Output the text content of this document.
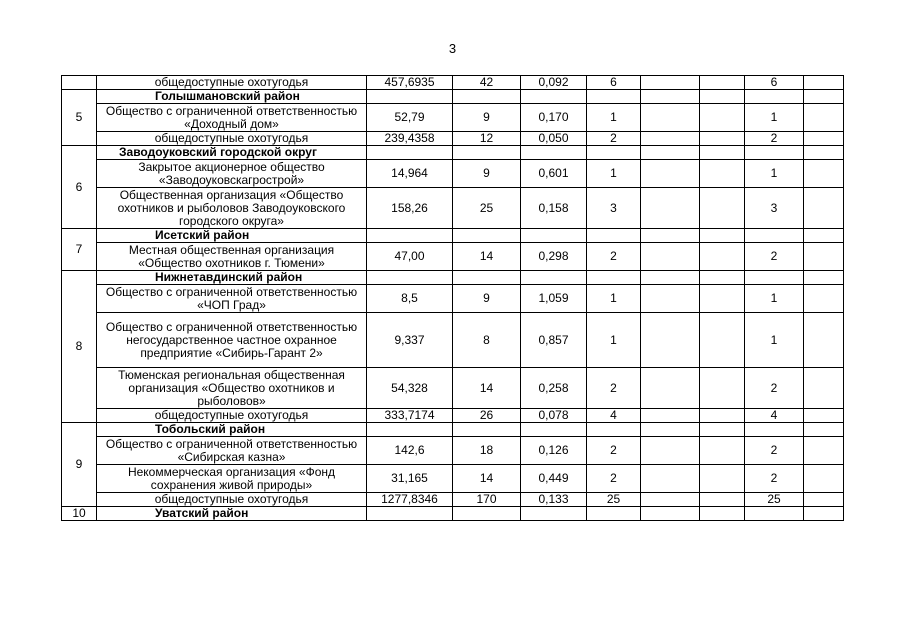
3
	общедоступные охотугодья	457,6935	42	0,092	6			6	
5	Голышмановский район								
	Общество с ограниченной ответственностью «Доходный дом»	52,79	9	0,170	1			1	
	общедоступные охотугодья	239,4358	12	0,050	2			2	
6	Заводоуковский городской округ								
	Закрытое акционерное общество «Заводоуковскагрострой»	14,964	9	0,601	1			1	
	Общественная организация «Общество охотников и рыболовов Заводоуковского городского округа»	158,26	25	0,158	3			3	
7	Исетский район								
	Местная общественная организация «Общество охотников г. Тюмени»	47,00	14	0,298	2			2	
8	Нижнетавдинский район								
	Общество с ограниченной ответственностью «ЧОП Град»	8,5	9	1,059	1			1	
	Общество с ограниченной ответственностью негосударственное частное охранное предприятие «Сибирь-Гарант 2»	9,337	8	0,857	1			1	
	Тюменская региональная общественная организация «Общество охотников и рыболовов»	54,328	14	0,258	2			2	
	общедоступные охотугодья	333,7174	26	0,078	4			4	
9	Тобольский район								
	Общество с ограниченной ответственностью «Сибирская казна»	142,6	18	0,126	2			2	
	Некоммерческая организация «Фонд сохранения живой природы»	31,165	14	0,449	2			2	
	общедоступные охотугодья	1277,8346	170	0,133	25			25	
10	Уватский район								
